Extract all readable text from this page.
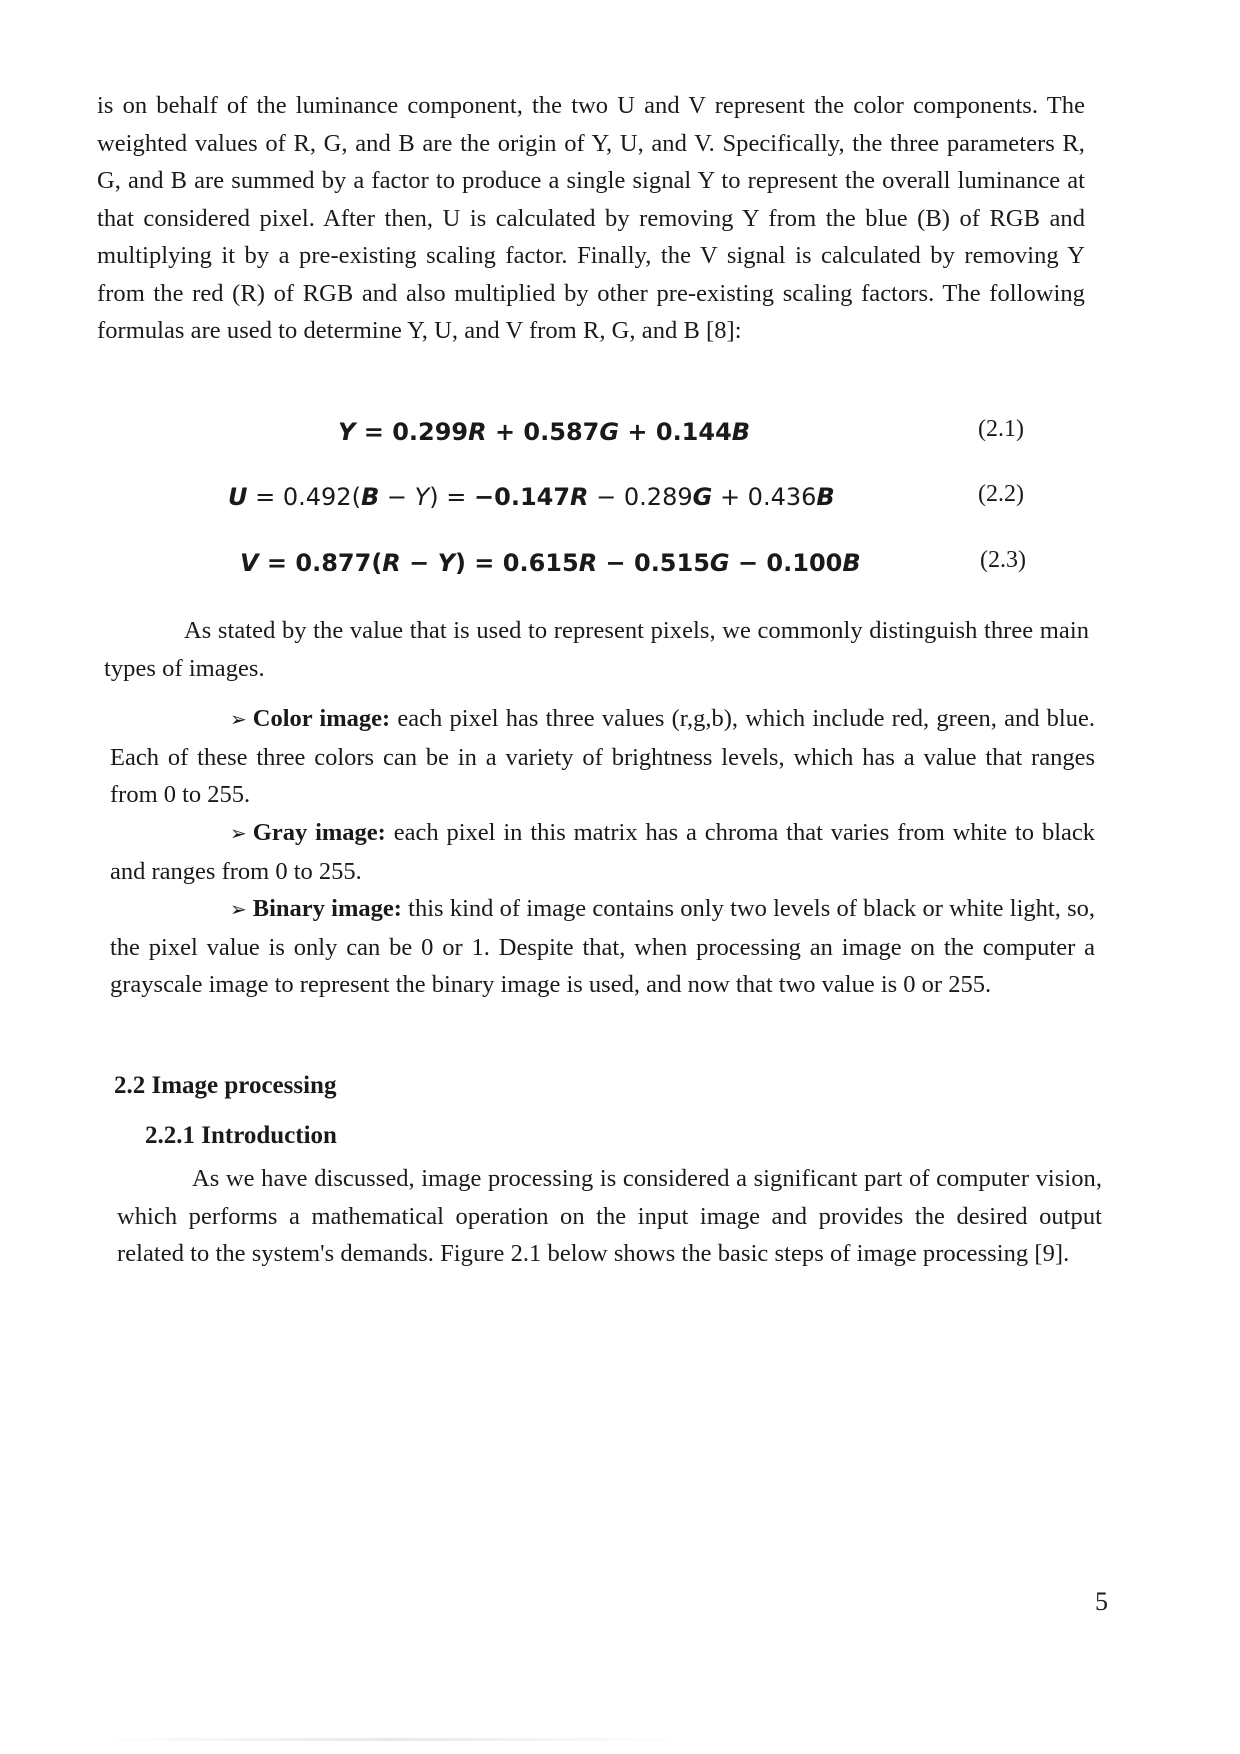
is on behalf of the luminance component, the two U and V represent the color components. The weighted values of R, G, and B are the origin of Y, U, and V. Specifically, the three parameters R, G, and B are summed by a factor to produce a single signal Y to represent the overall luminance at that considered pixel. After then, U is calculated by removing Y from the blue (B) of RGB and multiplying it by a pre-existing scaling factor. Finally, the V signal is calculated by removing Y from the red (R) of RGB and also multiplied by other pre-existing scaling factors. The following formulas are used to determine Y, U, and V from R, G, and B [8]:

Y = 0.299R + 0.587G + 0.144B	(2.1)
U = 0.492(B − Y) = −0.147R − 0.289G + 0.436B	(2.2)
V = 0.877(R − Y) = 0.615R − 0.515G − 0.100B	(2.3)

As stated by the value that is used to represent pixels, we commonly distinguish three main types of images.

➢ Color image: each pixel has three values (r,g,b), which include red, green, and blue. Each of these three colors can be in a variety of brightness levels, which has a value that ranges from 0 to 255.

➢ Gray image: each pixel in this matrix has a chroma that varies from white to black and ranges from 0 to 255.

➢ Binary image: this kind of image contains only two levels of black or white light, so, the pixel value is only can be 0 or 1. Despite that, when processing an image on the computer a grayscale image to represent the binary image is used, and now that two value is 0 or 255.

2.2 Image processing
2.2.1 Introduction

As we have discussed, image processing is considered a significant part of computer vision, which performs a mathematical operation on the input image and provides the desired output related to the system's demands. Figure 2.1 below shows the basic steps of image processing [9].

5
